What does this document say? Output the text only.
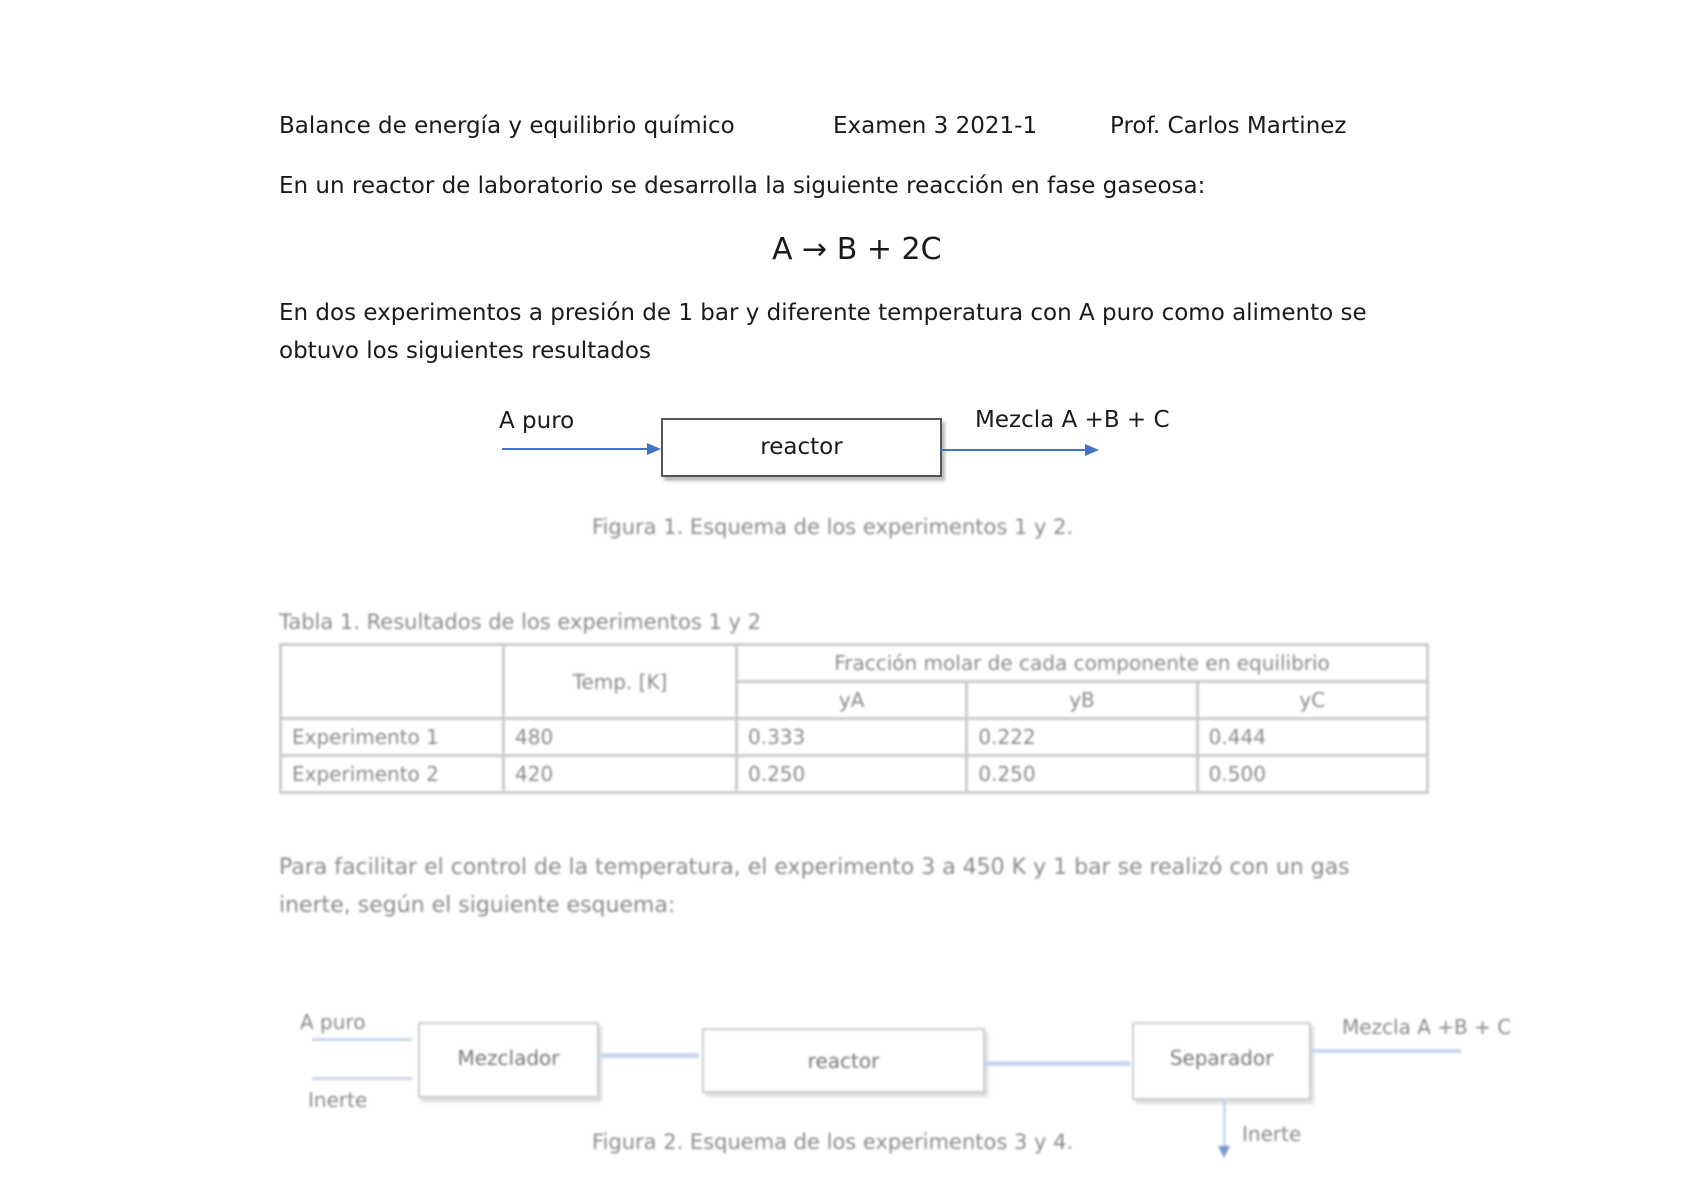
Balance de energía y equilibrio químico	Examen 3 2021-1	Prof. Carlos Martinez
En un reactor de laboratorio se desarrolla la siguiente reacción en fase gaseosa:
A → B + 2C
En dos experimentos a presión de 1 bar y diferente temperatura con A puro como alimento se
obtuvo los siguientes resultados
A puro
reactor
Mezcla A +B + C
Figura 1. Esquema de los experimentos 1 y 2.
Tabla 1. Resultados de los experimentos 1 y 2
	Temp. [K]	Fracción molar de cada componente en equilibrio		
		yA	yB	yC
Experimento 1	480	0.333	0.222	0.444
Experimento 2	420	0.250	0.250	0.500
Para facilitar el control de la temperatura, el experimento 3 a 450 K y 1 bar se realizó con un gas
inerte, según el siguiente esquema:
A puro
Inerte
Mezclador	reactor	Separador
Mezcla A +B + C
Inerte
Figura 2. Esquema de los experimentos 3 y 4.
